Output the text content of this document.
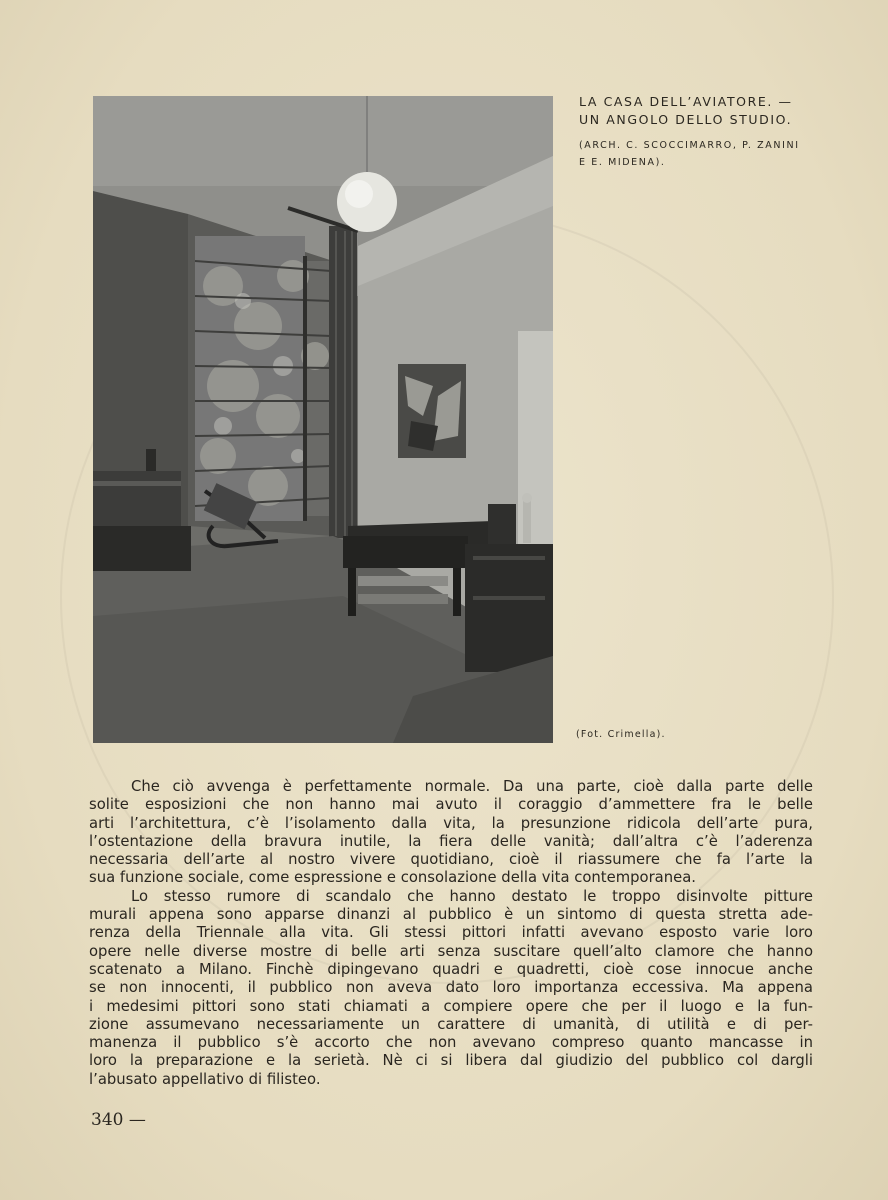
LA CASA DELL’AVIATORE. —

UN ANGOLO DELLO STUDIO.

(ARCH. C. SCOCCIMARRO, P. ZANINI
E E. MIDENA).
(Fot. Crimella).
Che ciò avvenga è perfettamente normale. Da una parte, cioè dalla parte delle
solite esposizioni che non hanno mai avuto il coraggio d’ammettere fra le belle
arti l’architettura, c’è l’isolamento dalla vita, la presunzione ridicola dell’arte pura,
l’ostentazione della bravura inutile, la fiera delle vanità; dall’altra c’è l’aderenza
necessaria dell’arte al nostro vivere quotidiano, cioè il riassumere che fa l’arte la
sua funzione sociale, come espressione e consolazione della vita contemporanea.
Lo stesso rumore di scandalo che hanno destato le troppo disinvolte pitture
murali appena sono apparse dinanzi al pubblico è un sintomo di questa stretta ade-
renza della Triennale alla vita. Gli stessi pittori infatti avevano esposto varie loro
opere nelle diverse mostre di belle arti senza suscitare quell’alto clamore che hanno
scatenato a Milano. Finchè dipingevano quadri e quadretti, cioè cose innocue anche
se non innocenti, il pubblico non aveva dato loro importanza eccessiva. Ma appena
i medesimi pittori sono stati chiamati a compiere opere che per il luogo e la fun-
zione assumevano necessariamente un carattere di umanità, di utilità e di per-
manenza il pubblico s’è accorto che non avevano compreso quanto mancasse in
loro la preparazione e la serietà. Nè ci si libera dal giudizio del pubblico col dargli
l’abusato appellativo di filisteo.
340 —
